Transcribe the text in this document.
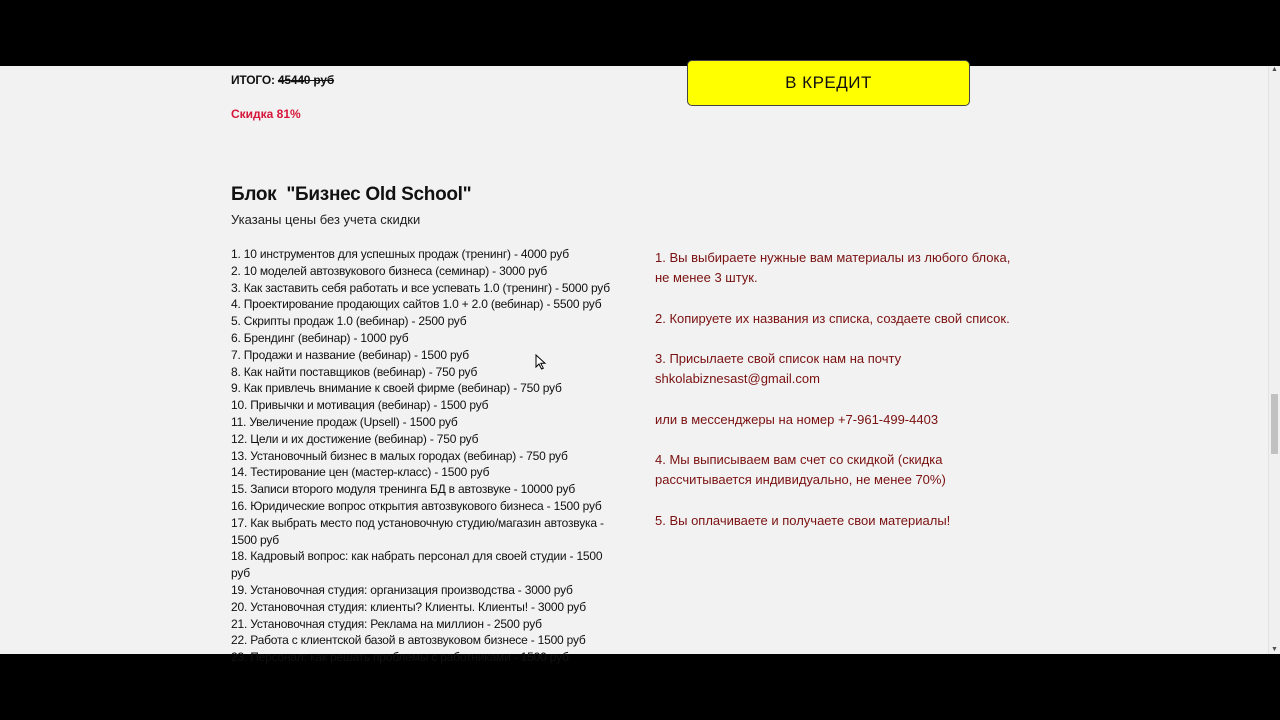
ИТОГО: 45440 руб
Скидка 81%
В КРЕДИТ
Блок  "Бизнес Old School"
Указаны цены без учета скидки
1. 10 инструментов для успешных продаж (тренинг) - 4000 руб
2. 10 моделей автозвукового бизнеса (семинар) - 3000 руб
3. Как заставить себя работать и все успевать 1.0 (тренинг) - 5000 руб
4. Проектирование продающих сайтов 1.0 + 2.0 (вебинар) - 5500 руб
5. Скрипты продаж 1.0 (вебинар) - 2500 руб
6. Брендинг (вебинар) - 1000 руб
7. Продажи и название (вебинар) - 1500 руб
8. Как найти поставщиков (вебинар) - 750 руб
9. Как привлечь внимание к своей фирме (вебинар) - 750 руб
10. Привычки и мотивация (вебинар) - 1500 руб
11. Увеличение продаж (Upsell) - 1500 руб
12. Цели и их достижение (вебинар) - 750 руб
13. Установочный бизнес в малых городах (вебинар) - 750 руб
14. Тестирование цен (мастер-класс) - 1500 руб
15. Записи второго модуля тренинга БД в автозвуке - 10000 руб
16. Юридические вопрос открытия автозвукового бизнеса - 1500 руб
17. Как выбрать место под установочную студию/магазин автозвука - 1500 руб
18. Кадровый вопрос: как набрать персонал для своей студии - 1500 руб
19. Установочная студия: организация производства - 3000 руб
20. Установочная студия: клиенты? Клиенты. Клиенты! - 3000 руб
21. Установочная студия: Реклама на миллион - 2500 руб
22. Работа с клиентской базой в автозвуковом бизнесе - 1500 руб
23. Персонал: как решать проблемы с работниками - 1500 руб

1. Вы выбираете нужные вам материалы из любого блока, не менее 3 штук.

2. Копируете их названия из списка, создаете свой список.

3. Присылаете свой список нам на почту

shkolabiznesast@gmail.com

или в мессенджеры на номер +7-961-499-4403

4. Мы выписываем вам счет со скидкой (скидка рассчитывается индивидуально, не менее 70%)

5. Вы оплачиваете и получаете свои материалы!

▲
▼
